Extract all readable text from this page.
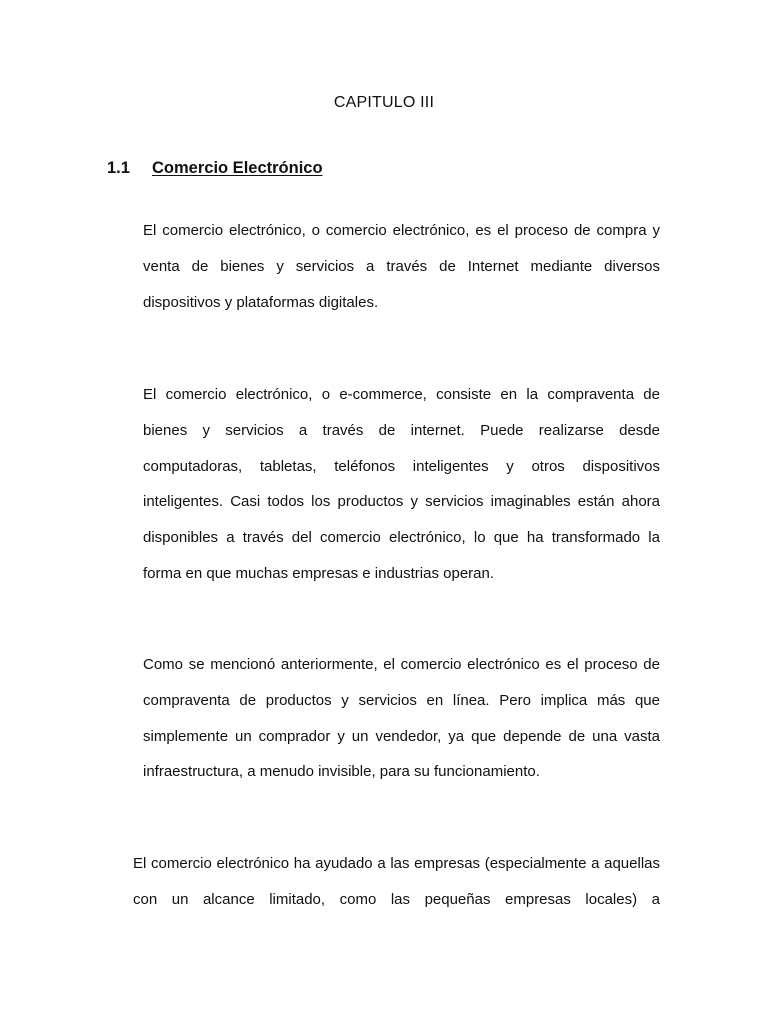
CAPITULO III
1.1 Comercio Electrónico

El comercio electrónico, o comercio electrónico, es el proceso de compra y venta de bienes y servicios a través de Internet mediante diversos dispositivos y plataformas digitales.

El comercio electrónico, o e-commerce, consiste en la compraventa de bienes y servicios a través de internet. Puede realizarse desde computadoras, tabletas, teléfonos inteligentes y otros dispositivos inteligentes. Casi todos los productos y servicios imaginables están ahora disponibles a través del comercio electrónico, lo que ha transformado la forma en que muchas empresas e industrias operan.

Como se mencionó anteriormente, el comercio electrónico es el proceso de compraventa de productos y servicios en línea. Pero implica más que simplemente un comprador y un vendedor, ya que depende de una vasta infraestructura, a menudo invisible, para su funcionamiento.

El comercio electrónico ha ayudado a las empresas (especialmente a aquellas con un alcance limitado, como las pequeñas empresas locales) a
